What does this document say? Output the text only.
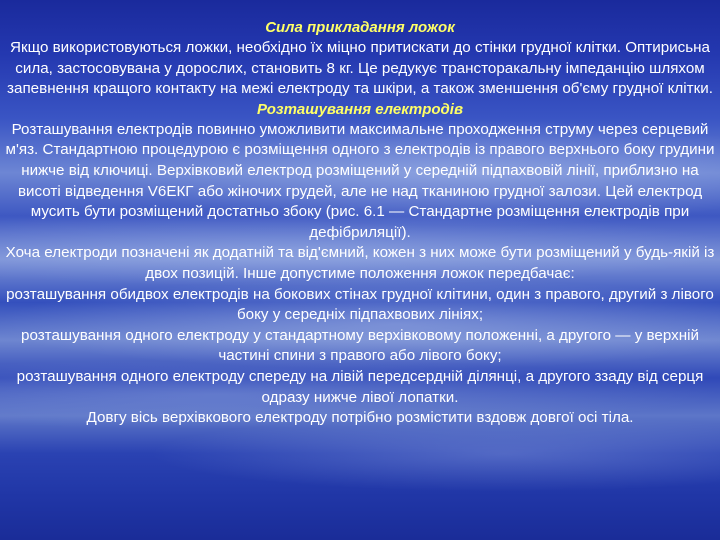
Сила прикладання ложок

Якщо використовуються ложки, необхідно їх міцно притискати до стінки грудної клітки. Оптирисьна сила, застосовувана у дорослих, становить 8 кг. Це редукує трансторакальну імпеданцію шляхом запевнення кращого контакту на межі електроду та шкіри, а також зменшення об'єму грудної клітки.

Розташування електродів

Розташування електродів повинно уможливити максимальне проходження струму через серцевий м'яз. Стандартною процедурою є розміщення одного з електродів із правого верхнього боку грудини нижче від ключиці. Верхівковий електрод розміщений у середній підпахвовій лінії, приблизно на висоті відведення V6ЕКГ або жіночих грудей, але не над тканиною грудної залози. Цей електрод мусить бути розміщений достатньо збоку (рис. 6.1 — Стандартне розміщення електродів при дефібриляції).

Хоча електроди позначені як додатній та від'ємний, кожен з них може бути розміщений у будь-якій із двох позицій. Інше допустиме положення ложок передбачає:

розташування обидвох електродів на бокових стінах грудної клітини, один з правого, другий з лівого боку у середніх підпахвових лініях;

розташування одного електроду у стандартному верхівковому положенні, а другого — у верхній частині спини з правого або лівого боку;

розташування одного електроду спереду на лівій передсердній ділянці, а другого ззаду від серця одразу нижче лівої лопатки.

Довгу вісь верхівкового електроду потрібно розмістити вздовж довгої осі тіла.
